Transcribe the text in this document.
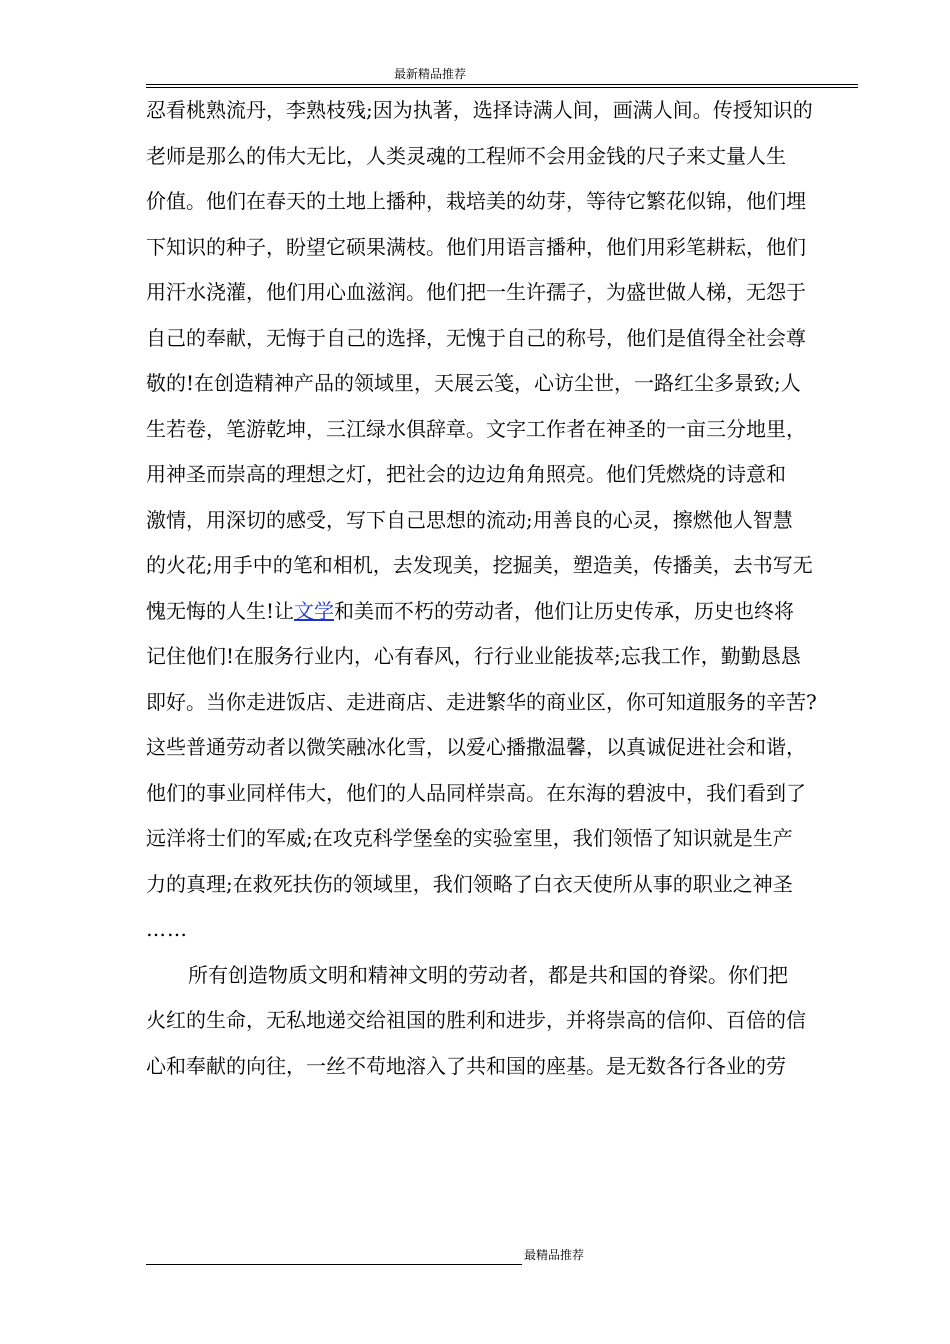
最新精品推荐
忍看桃熟流丹，李熟枝残;因为执著，选择诗满人间，画满人间。传授知识的
老师是那么的伟大无比，人类灵魂的工程师不会用金钱的尺子来丈量人生
价值。他们在春天的土地上播种，栽培美的幼芽，等待它繁花似锦，他们埋
下知识的种子，盼望它硕果满枝。他们用语言播种，他们用彩笔耕耘，他们
用汗水浇灌，他们用心血滋润。他们把一生许孺子，为盛世做人梯，无怨于
自己的奉献，无悔于自己的选择，无愧于自己的称号，他们是值得全社会尊
敬的!在创造精神产品的领域里，天展云笺，心访尘世，一路红尘多景致;人
生若卷，笔游乾坤，三江绿水俱辞章。文字工作者在神圣的一亩三分地里，
用神圣而崇高的理想之灯，把社会的边边角角照亮。他们凭燃烧的诗意和
激情，用深切的感受，写下自己思想的流动;用善良的心灵，擦燃他人智慧
的火花;用手中的笔和相机，去发现美，挖掘美，塑造美，传播美，去书写无
愧无悔的人生!让文学和美而不朽的劳动者，他们让历史传承，历史也终将
记住他们!在服务行业内，心有春风，行行业业能拔萃;忘我工作，勤勤恳恳
即好。当你走进饭店、走进商店、走进繁华的商业区，你可知道服务的辛苦?
这些普通劳动者以微笑融冰化雪，以爱心播撒温馨，以真诚促进社会和谐，
他们的事业同样伟大，他们的人品同样崇高。在东海的碧波中，我们看到了
远洋将士们的军威;在攻克科学堡垒的实验室里，我们领悟了知识就是生产
力的真理;在救死扶伤的领域里，我们领略了白衣天使所从事的职业之神圣
……
所有创造物质文明和精神文明的劳动者，都是共和国的脊梁。你们把
火红的生命，无私地递交给祖国的胜利和进步，并将崇高的信仰、百倍的信
心和奉献的向往，一丝不苟地溶入了共和国的座基。是无数各行各业的劳
最精品推荐
